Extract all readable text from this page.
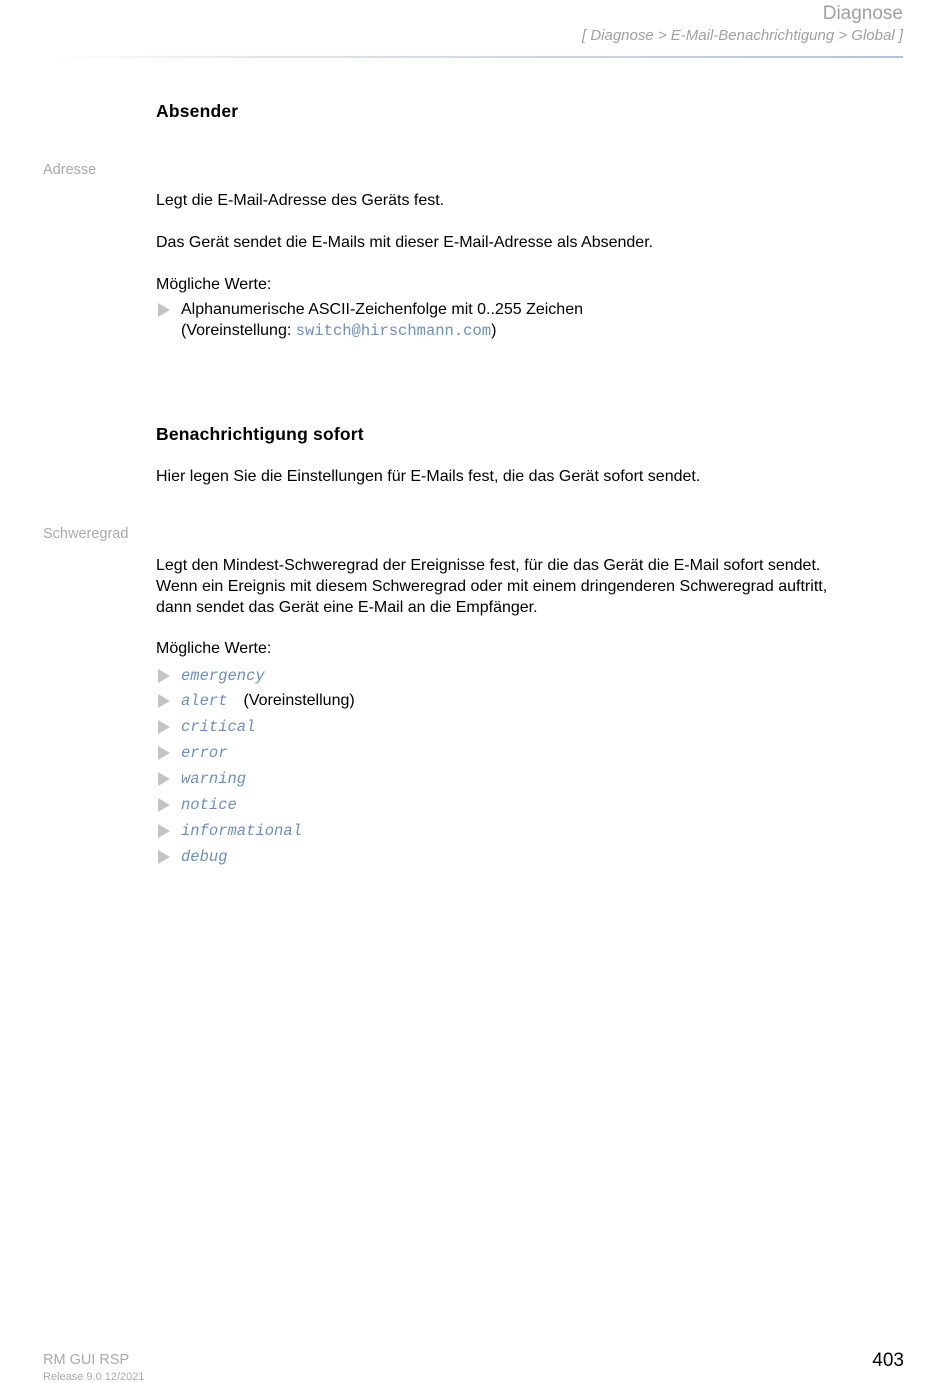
Diagnose
[ Diagnose > E-Mail-Benachrichtigung > Global ]
Absender
Adresse
Legt die E-Mail-Adresse des Geräts fest.
Das Gerät sendet die E-Mails mit dieser E-Mail-Adresse als Absender.
Mögliche Werte:
Alphanumerische ASCII-Zeichenfolge mit 0..255 Zeichen
(Voreinstellung: switch@hirschmann.com)
Benachrichtigung sofort
Hier legen Sie die Einstellungen für E-Mails fest, die das Gerät sofort sendet.
Schweregrad
Legt den Mindest-Schweregrad der Ereignisse fest, für die das Gerät die E-Mail sofort sendet.
Wenn ein Ereignis mit diesem Schweregrad oder mit einem dringenderen Schweregrad auftritt,
dann sendet das Gerät eine E-Mail an die Empfänger.
Mögliche Werte:
emergency
alert (Voreinstellung)
critical
error
warning
notice
informational
debug
RM GUI RSP
Release 9.0 12/2021
403
